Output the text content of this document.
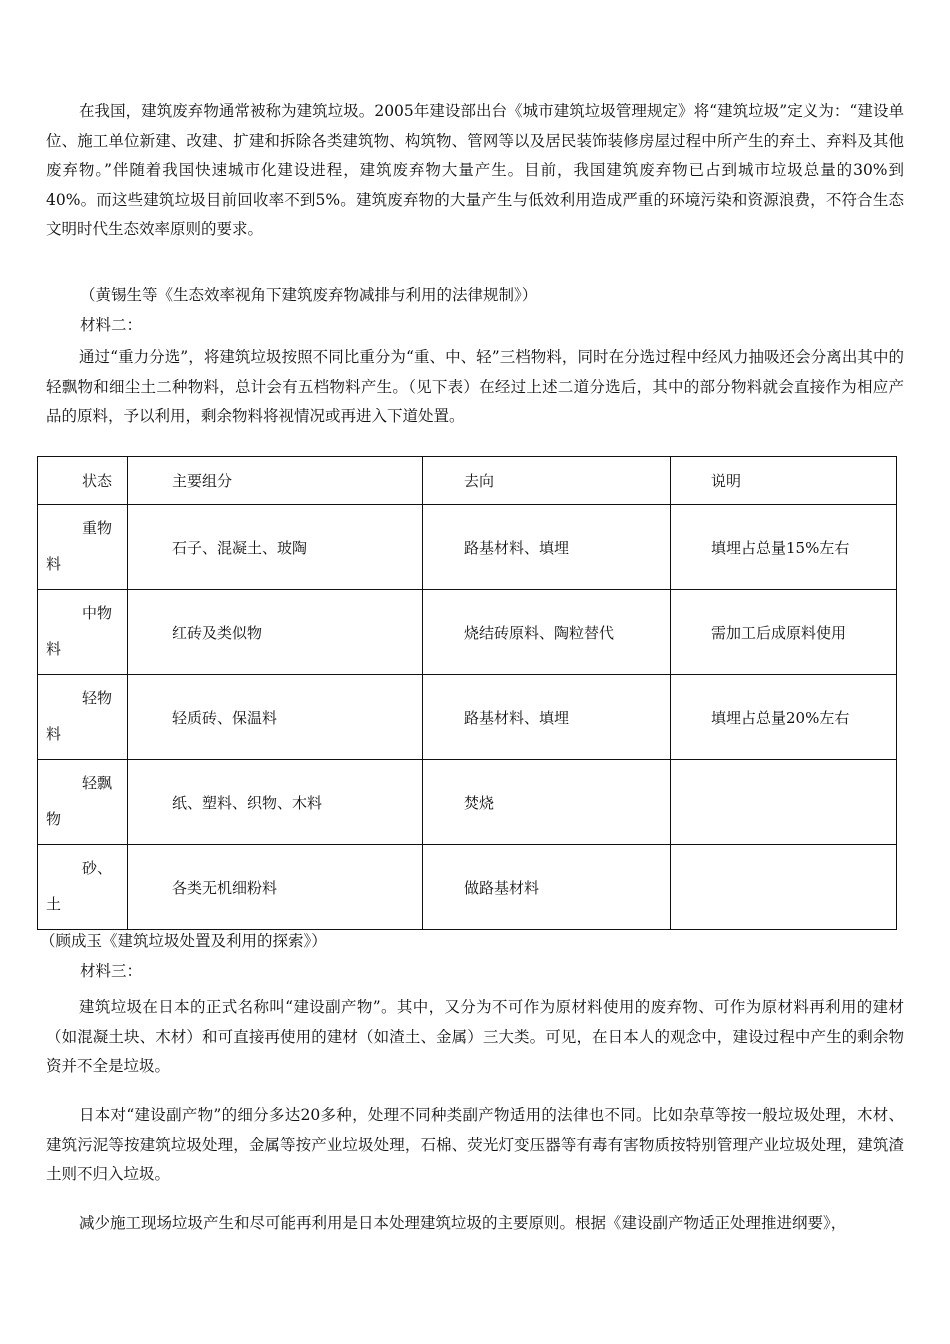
在我国，建筑废弃物通常被称为建筑垃圾。2005年建设部出台《城市建筑垃圾管理规定》将“建筑垃圾”定义为：“建设单位、施工单位新建、改建、扩建和拆除各类建筑物、构筑物、管网等以及居民装饰装修房屋过程中所产生的弃土、弃料及其他废弃物。”伴随着我国快速城市化建设进程，建筑废弃物大量产生。目前，我国建筑废弃物已占到城市垃圾总量的30%到40%。而这些建筑垃圾目前回收率不到5%。建筑废弃物的大量产生与低效利用造成严重的环境污染和资源浪费，不符合生态文明时代生态效率原则的要求。

（黄锡生等《生态效率视角下建筑废弃物减排与利用的法律规制》）

材料二：

通过“重力分选”，将建筑垃圾按照不同比重分为“重、中、轻”三档物料，同时在分选过程中经风力抽吸还会分离出其中的轻飘物和细尘土二种物料，总计会有五档物料产生。（见下表）在经过上述二道分选后，其中的部分物料就会直接作为相应产品的原料，予以利用，剩余物料将视情况或再进入下道处置。

状态	主要组分	去向	说明

重物
料	石子、混凝土、玻陶	路基材料、填埋	填埋占总量15%左右

中物
料	红砖及类似物	烧结砖原料、陶粒替代	需加工后成原料使用

轻物
料	轻质砖、保温料	路基材料、填埋	填埋占总量20%左右

轻飘
物	纸、塑料、织物、木料	焚烧	

砂、
土	各类无机细粉料	做路基材料	

（顾成玉《建筑垃圾处置及利用的探索》）

材料三：

建筑垃圾在日本的正式名称叫“建设副产物”。其中，又分为不可作为原材料使用的废弃物、可作为原材料再利用的建材（如混凝土块、木材）和可直接再使用的建材（如渣土、金属）三大类。可见，在日本人的观念中，建设过程中产生的剩余物资并不全是垃圾。

日本对“建设副产物”的细分多达20多种，处理不同种类副产物适用的法律也不同。比如杂草等按一般垃圾处理，木材、建筑污泥等按建筑垃圾处理，金属等按产业垃圾处理，石棉、荧光灯变压器等有毒有害物质按特别管理产业垃圾处理，建筑渣土则不归入垃圾。

减少施工现场垃圾产生和尽可能再利用是日本处理建筑垃圾的主要原则。根据《建设副产物适正处理推进纲要》，
